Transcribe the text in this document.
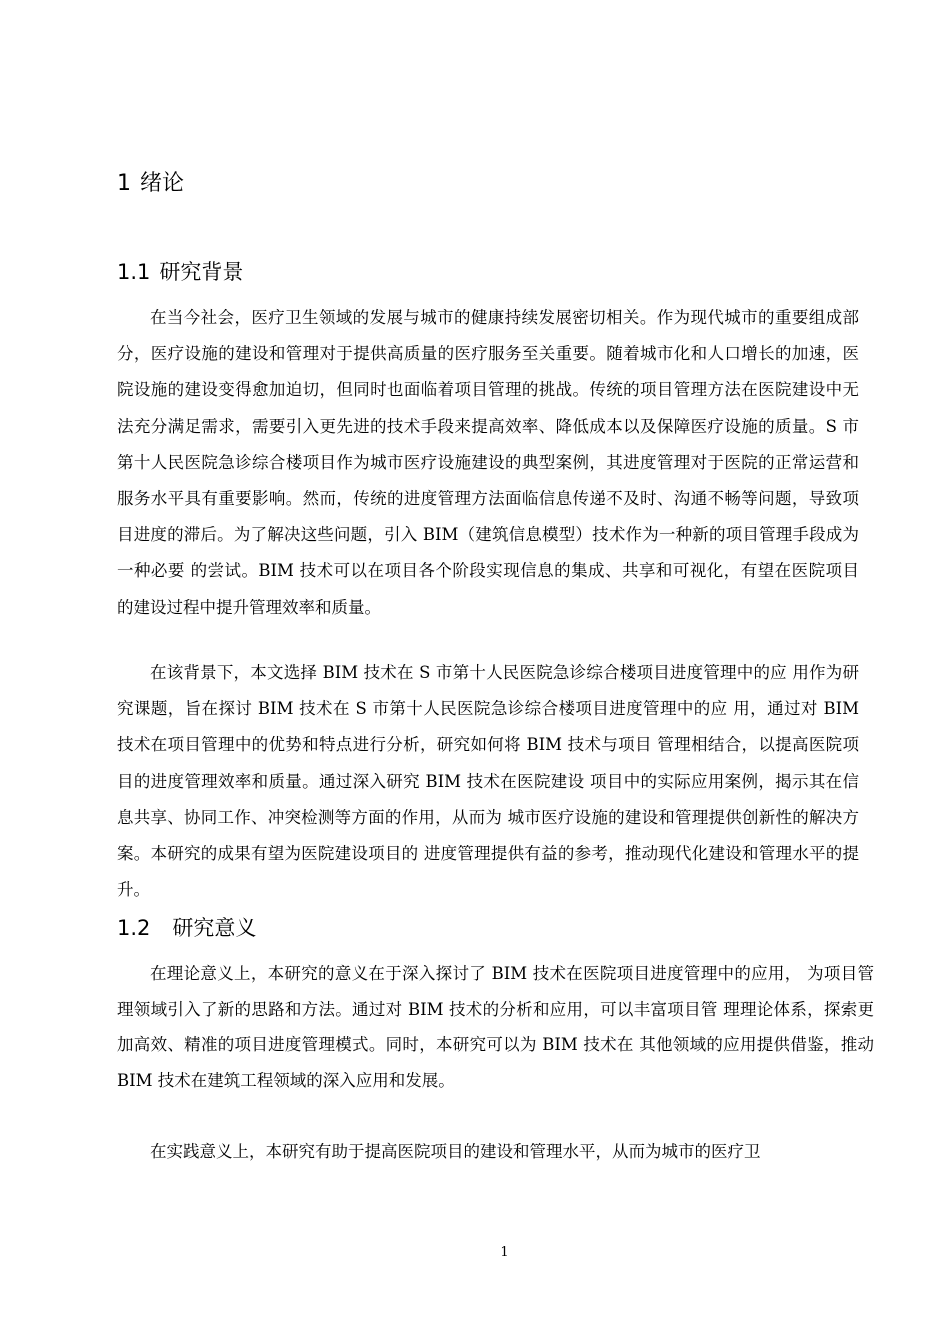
1 绪论
1.1 研究背景

在当今社会，医疗卫生领域的发展与城市的健康持续发展密切相关。作为现代城市的重要组成部分，医疗设施的建设和管理对于提供高质量的医疗服务至关重要。随着城市化和人口增长的加速，医院设施的建设变得愈加迫切，但同时也面临着项目管理的挑战。传统的项目管理方法在医院建设中无法充分满足需求，需要引入更先进的技术手段来提高效率、降低成本以及保障医疗设施的质量。S 市第十人民医院急诊综合楼项目作为城市医疗设施建设的典型案例，其进度管理对于医院的正常运营和服务水平具有重要影响。然而，传统的进度管理方法面临信息传递不及时、沟通不畅等问题，导致项目进度的滞后。为了解决这些问题，引入 BIM（建筑信息模型）技术作为一种新的项目管理手段成为一种必要 的尝试。BIM 技术可以在项目各个阶段实现信息的集成、共享和可视化，有望在医院项目 的建设过程中提升管理效率和质量。

在该背景下，本文选择 BIM 技术在 S 市第十人民医院急诊综合楼项目进度管理中的应 用作为研究课题，旨在探讨 BIM 技术在 S 市第十人民医院急诊综合楼项目进度管理中的应 用，通过对 BIM 技术在项目管理中的优势和特点进行分析，研究如何将 BIM 技术与项目 管理相结合，以提高医院项目的进度管理效率和质量。通过深入研究 BIM 技术在医院建设 项目中的实际应用案例，揭示其在信息共享、协同工作、冲突检测等方面的作用，从而为 城市医疗设施的建设和管理提供创新性的解决方案。本研究的成果有望为医院建设项目的 进度管理提供有益的参考，推动现代化建设和管理水平的提升。

1.2 研究意义

在理论意义上，本研究的意义在于深入探讨了 BIM 技术在医院项目进度管理中的应用， 为项目管理领域引入了新的思路和方法。通过对 BIM 技术的分析和应用，可以丰富项目管 理理论体系，探索更加高效、精准的项目进度管理模式。同时，本研究可以为 BIM 技术在 其他领域的应用提供借鉴，推动 BIM 技术在建筑工程领域的深入应用和发展。

在实践意义上，本研究有助于提高医院项目的建设和管理水平，从而为城市的医疗卫

1
